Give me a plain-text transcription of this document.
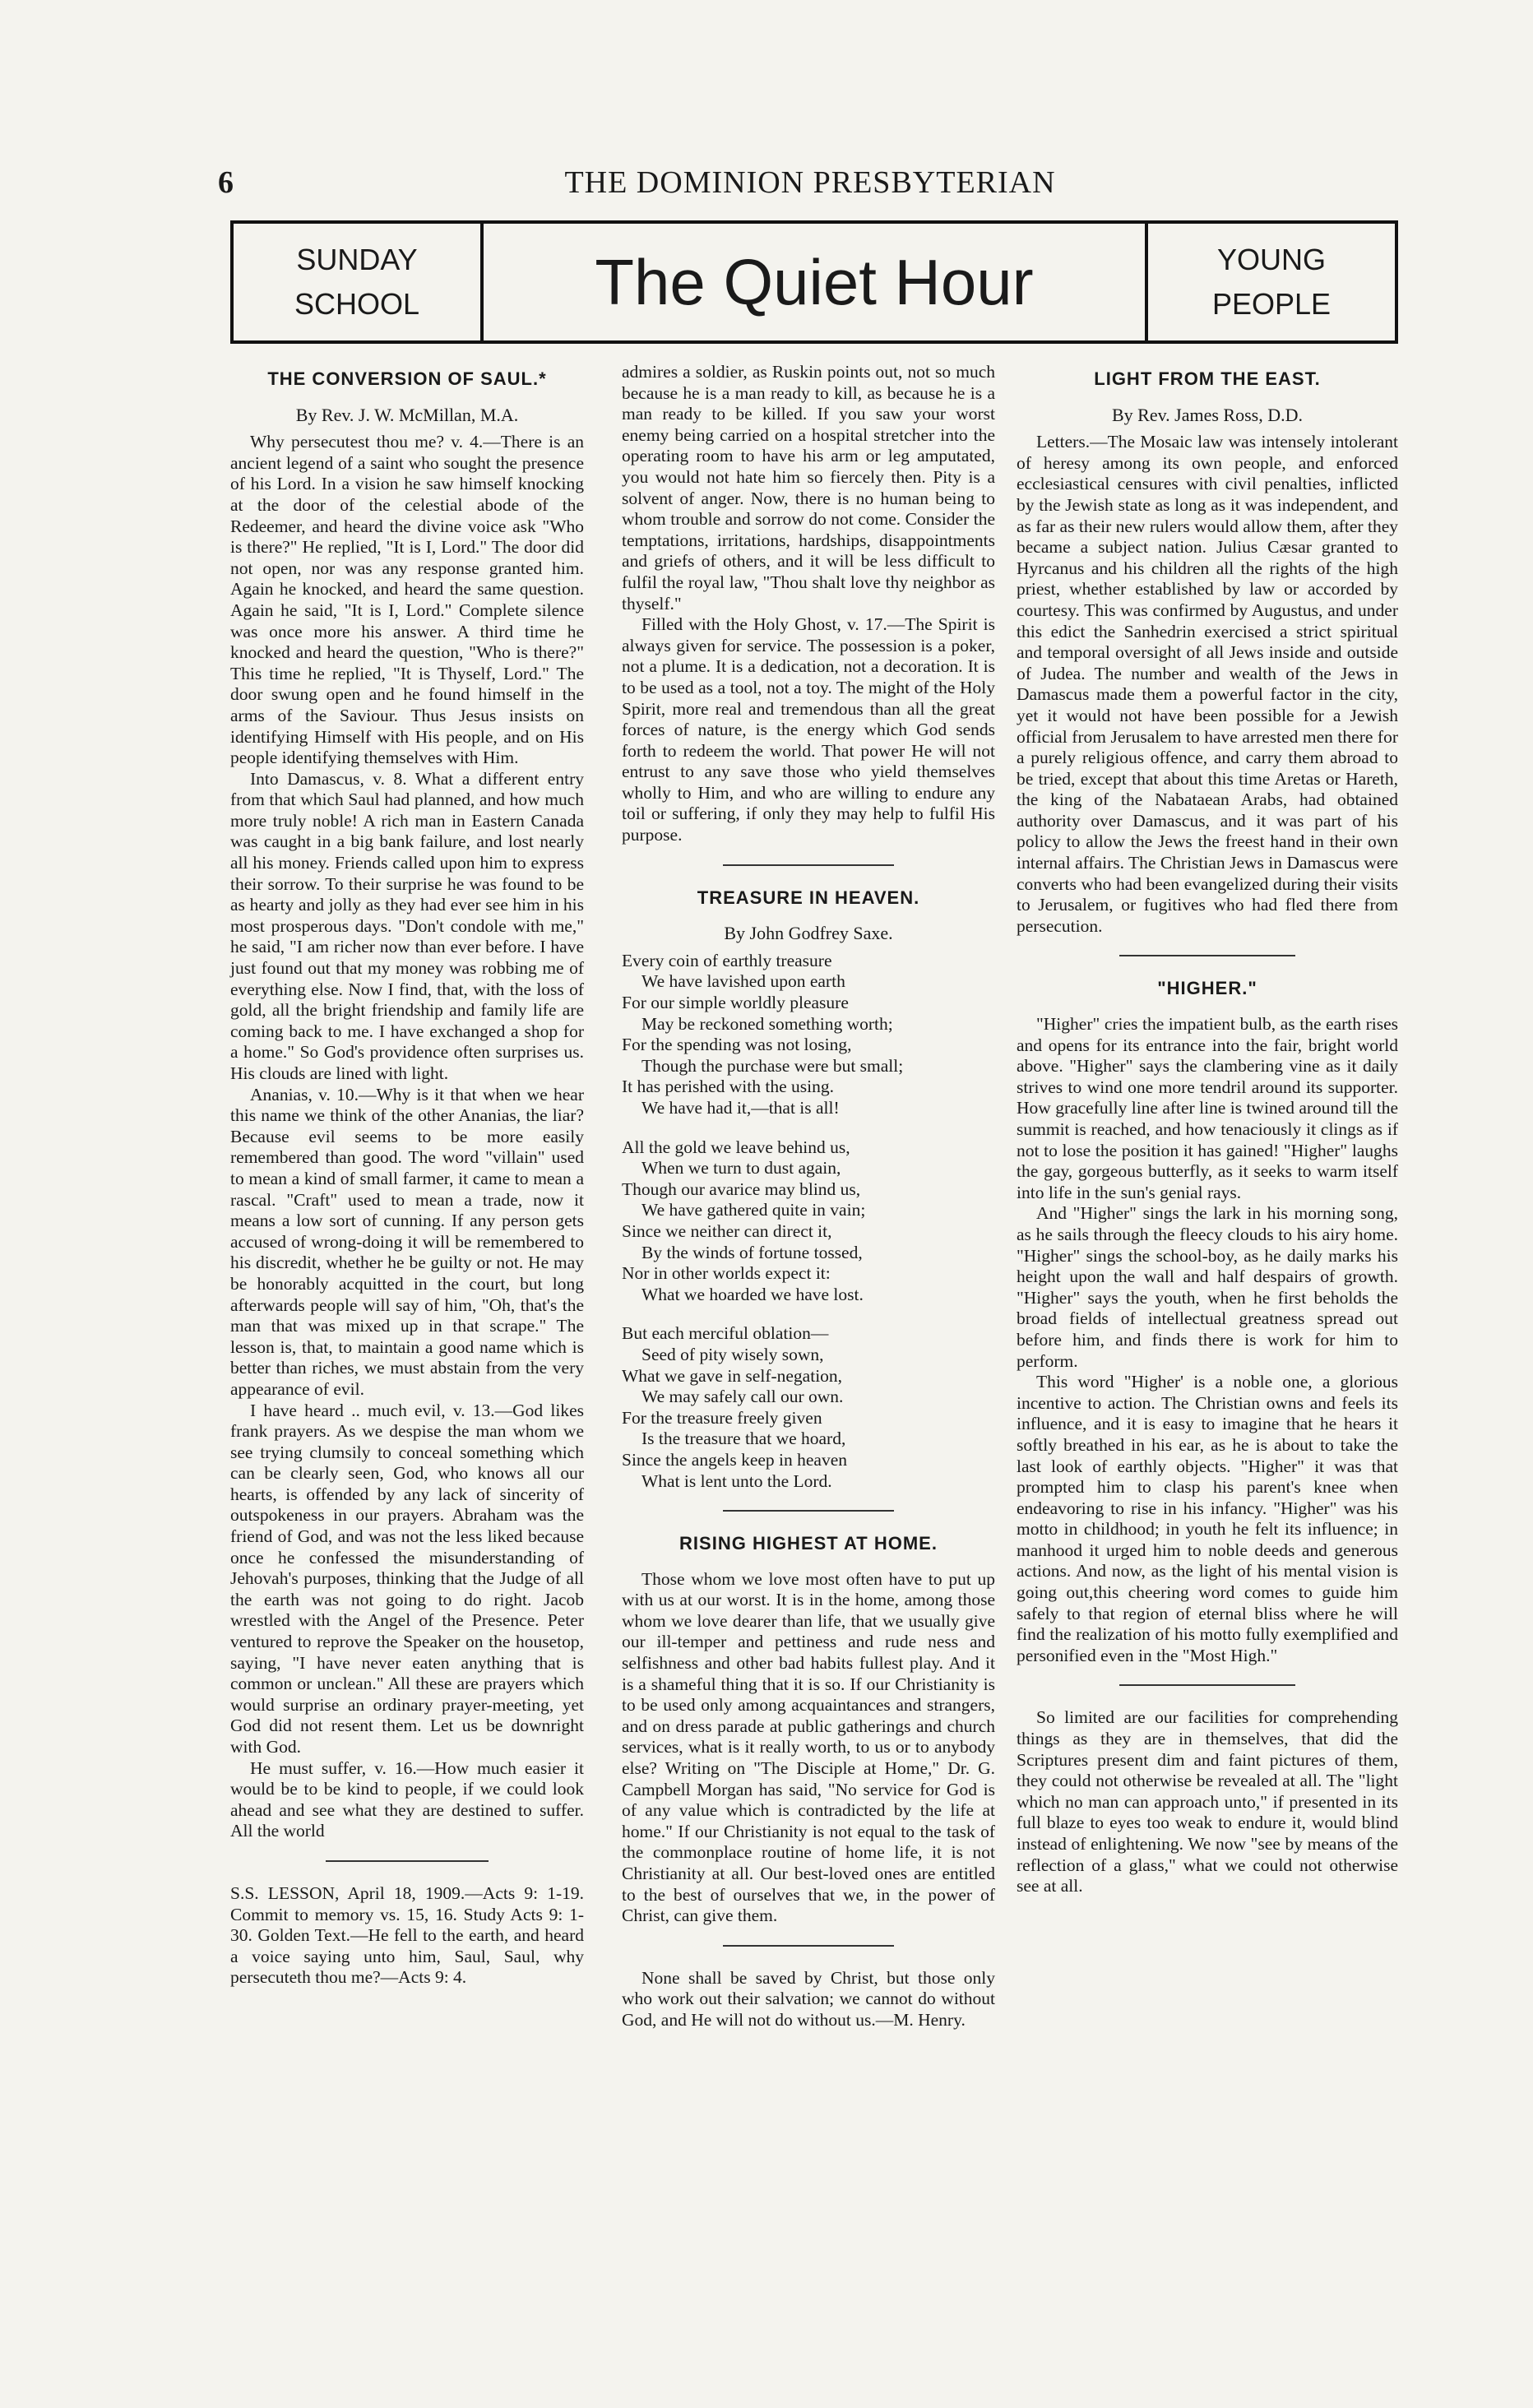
6	THE DOMINION PRESBYTERIAN
SUNDAY
SCHOOL	The Quiet Hour	YOUNG
PEOPLE
THE CONVERSION OF SAUL.*
By Rev. J. W. McMillan, M.A.

Why persecutest thou me? v. 4.—There is an ancient legend of a saint who sought the presence of his Lord. In a vision he saw himself knocking at the door of the celestial abode of the Redeemer, and heard the divine voice ask "Who is there?" He replied, "It is I, Lord." The door did not open, nor was any response granted him. Again he knocked, and heard the same question. Again he said, "It is I, Lord." Complete silence was once more his answer. A third time he knocked and heard the question, "Who is there?" This time he replied, "It is Thyself, Lord." The door swung open and he found himself in the arms of the Saviour. Thus Jesus insists on identifying Himself with His people, and on His people identifying themselves with Him.

Into Damascus, v. 8. What a different entry from that which Saul had planned, and how much more truly noble! A rich man in Eastern Canada was caught in a big bank failure, and lost nearly all his money. Friends called upon him to express their sorrow. To their surprise he was found to be as hearty and jolly as they had ever see him in his most prosperous days. "Don't condole with me," he said, "I am richer now than ever before. I have just found out that my money was robbing me of everything else. Now I find, that, with the loss of gold, all the bright friendship and family life are coming back to me. I have exchanged a shop for a home." So God's providence often surprises us. His clouds are lined with light.

Ananias, v. 10.—Why is it that when we hear this name we think of the other Ananias, the liar? Because evil seems to be more easily remembered than good. The word "villain" used to mean a kind of small farmer, it came to mean a rascal. "Craft" used to mean a trade, now it means a low sort of cunning. If any person gets accused of wrong-doing it will be remembered to his discredit, whether he be guilty or not. He may be honorably acquitted in the court, but long afterwards people will say of him, "Oh, that's the man that was mixed up in that scrape." The lesson is, that, to maintain a good name which is better than riches, we must abstain from the very appearance of evil.

I have heard .. much evil, v. 13.—God likes frank prayers. As we despise the man whom we see trying clumsily to conceal something which can be clearly seen, God, who knows all our hearts, is offended by any lack of sincerity of outspokeness in our prayers. Abraham was the friend of God, and was not the less liked because once he confessed the misunderstanding of Jehovah's purposes, thinking that the Judge of all the earth was not going to do right. Jacob wrestled with the Angel of the Presence. Peter ventured to reprove the Speaker on the housetop, saying, "I have never eaten anything that is common or unclean." All these are prayers which would surprise an ordinary prayer-meeting, yet God did not resent them. Let us be downright with God.

He must suffer, v. 16.—How much easier it would be to be kind to people, if we could look ahead and see what they are destined to suffer. All the world

S.S. LESSON, April 18, 1909.—Acts 9: 1-19. Commit to memory vs. 15, 16. Study Acts 9: 1-30. Golden Text.—He fell to the earth, and heard a voice saying unto him, Saul, Saul, why persecuteth thou me?—Acts 9: 4.

admires a soldier, as Ruskin points out, not so much because he is a man ready to kill, as because he is a man ready to be killed. If you saw your worst enemy being carried on a hospital stretcher into the operating room to have his arm or leg amputated, you would not hate him so fiercely then. Pity is a solvent of anger. Now, there is no human being to whom trouble and sorrow do not come. Consider the temptations, irritations, hardships, disappointments and griefs of others, and it will be less difficult to fulfil the royal law, "Thou shalt love thy neighbor as thyself."

Filled with the Holy Ghost, v. 17.—The Spirit is always given for service. The possession is a poker, not a plume. It is a dedication, not a decoration. It is to be used as a tool, not a toy. The might of the Holy Spirit, more real and tremendous than all the great forces of nature, is the energy which God sends forth to redeem the world. That power He will not entrust to any save those who yield themselves wholly to Him, and who are willing to endure any toil or suffering, if only they may help to fulfil His purpose.

TREASURE IN HEAVEN.
By John Godfrey Saxe.
Every coin of earthly treasure
We have lavished upon earth
For our simple worldly pleasure
May be reckoned something worth;
For the spending was not losing,
Though the purchase were but small;
It has perished with the using.
We have had it,—that is all!
All the gold we leave behind us,
When we turn to dust again,
Though our avarice may blind us,
We have gathered quite in vain;
Since we neither can direct it,
By the winds of fortune tossed,
Nor in other worlds expect it:
What we hoarded we have lost.
But each merciful oblation—
Seed of pity wisely sown,
What we gave in self-negation,
We may safely call our own.
For the treasure freely given
Is the treasure that we hoard,
Since the angels keep in heaven
What is lent unto the Lord.
RISING HIGHEST AT HOME.

Those whom we love most often have to put up with us at our worst. It is in the home, among those whom we love dearer than life, that we usually give our ill-temper and pettiness and rude ness and selfishness and other bad habits fullest play. And it is a shameful thing that it is so. If our Christianity is to be used only among acquaintances and strangers, and on dress parade at public gatherings and church services, what is it really worth, to us or to anybody else? Writing on "The Disciple at Home," Dr. G. Campbell Morgan has said, "No service for God is of any value which is contradicted by the life at home." If our Christianity is not equal to the task of the commonplace routine of home life, it is not Christianity at all. Our best-loved ones are entitled to the best of ourselves that we, in the power of Christ, can give them.

None shall be saved by Christ, but those only who work out their salvation; we cannot do without God, and He will not do without us.—M. Henry.

LIGHT FROM THE EAST.
By Rev. James Ross, D.D.

Letters.—The Mosaic law was intensely intolerant of heresy among its own people, and enforced ecclesiastical censures with civil penalties, inflicted by the Jewish state as long as it was independent, and as far as their new rulers would allow them, after they became a subject nation. Julius Cæsar granted to Hyrcanus and his children all the rights of the high priest, whether established by law or accorded by courtesy. This was confirmed by Augustus, and under this edict the Sanhedrin exercised a strict spiritual and temporal oversight of all Jews inside and outside of Judea. The number and wealth of the Jews in Damascus made them a powerful factor in the city, yet it would not have been possible for a Jewish official from Jerusalem to have arrested men there for a purely religious offence, and carry them abroad to be tried, except that about this time Aretas or Hareth, the king of the Nabataean Arabs, had obtained authority over Damascus, and it was part of his policy to allow the Jews the freest hand in their own internal affairs. The Christian Jews in Damascus were converts who had been evangelized during their visits to Jerusalem, or fugitives who had fled there from persecution.

"HIGHER."

"Higher" cries the impatient bulb, as the earth rises and opens for its entrance into the fair, bright world above. "Higher" says the clambering vine as it daily strives to wind one more tendril around its supporter. How gracefully line after line is twined around till the summit is reached, and how tenaciously it clings as if not to lose the position it has gained! "Higher" laughs the gay, gorgeous butterfly, as it seeks to warm itself into life in the sun's genial rays.

And "Higher" sings the lark in his morning song, as he sails through the fleecy clouds to his airy home. "Higher" sings the school-boy, as he daily marks his height upon the wall and half despairs of growth. "Higher" says the youth, when he first beholds the broad fields of intellectual greatness spread out before him, and finds there is work for him to perform.

This word "Higher' is a noble one, a glorious incentive to action. The Christian owns and feels its influence, and it is easy to imagine that he hears it softly breathed in his ear, as he is about to take the last look of earthly objects. "Higher" it was that prompted him to clasp his parent's knee when endeavoring to rise in his infancy. "Higher" was his motto in childhood; in youth he felt its influence; in manhood it urged him to noble deeds and generous actions. And now, as the light of his mental vision is going out,this cheering word comes to guide him safely to that region of eternal bliss where he will find the realization of his motto fully exemplified and personified even in the "Most High."

So limited are our facilities for comprehending things as they are in themselves, that did the Scriptures present dim and faint pictures of them, they could not otherwise be revealed at all. The "light which no man can approach unto," if presented in its full blaze to eyes too weak to endure it, would blind instead of enlightening. We now "see by means of the reflection of a glass," what we could not otherwise see at all.
